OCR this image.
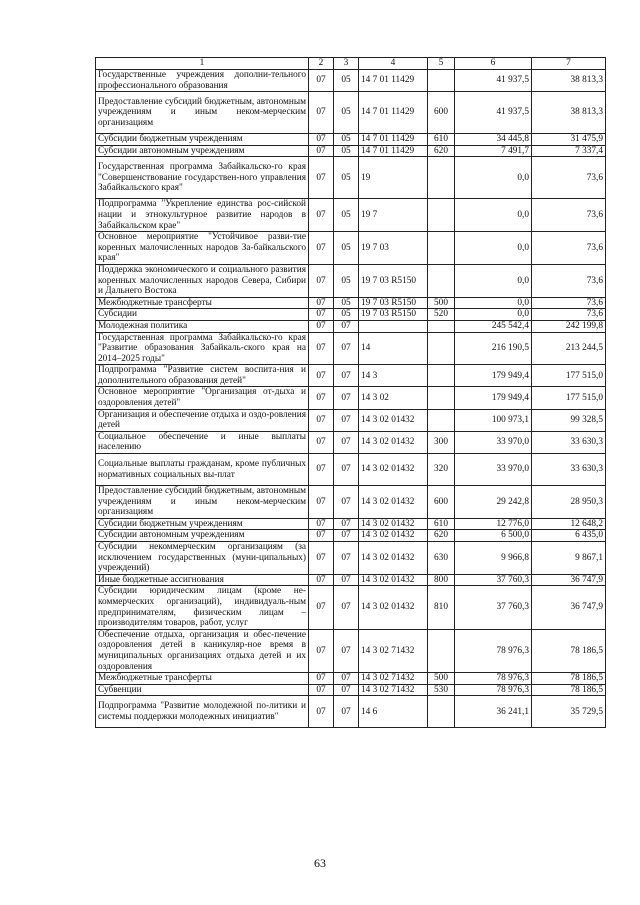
1	2	3	4	5	6	7
Государственные учреждения дополни-тельного профессионального образования	07	05	14 7 01 11429		41 937,5	38 813,3
Предоставление субсидий бюджетным, автономным учреждениям и иным неком-мерческим организациям	07	05	14 7 01 11429	600	41 937,5	38 813,3
Субсидии бюджетным учреждениям	07	05	14 7 01 11429	610	34 445,8	31 475,9
Субсидии автономным учреждениям	07	05	14 7 01 11429	620	7 491,7	7 337,4
Государственная программа Забайкальско-го края "Совершенствование государствен-ного управления Забайкальского края"	07	05	19		0,0	73,6
Подпрограмма "Укрепление единства рос-сийской нации и этнокультурное развитие народов в Забайкальском крае"	07	05	19 7		0,0	73,6
Основное мероприятие "Устойчивое разви-тие коренных малочисленных народов За-байкальского края"	07	05	19 7 03		0,0	73,6
Поддержка экономического и социального развития коренных малочисленных народов Севера, Сибири и Дальнего Востока	07	05	19 7 03 R5150		0,0	73,6
Межбюджетные трансферты	07	05	19 7 03 R5150	500	0,0	73,6
Субсидии	07	05	19 7 03 R5150	520	0,0	73,6
Молодежная политика	07	07			245 542,4	242 199,8
Государственная программа Забайкальско-го края "Развитие образования Забайкаль-ского края на 2014–2025 годы"	07	07	14		216 190,5	213 244,5
Подпрограмма "Развитие систем воспита-ния и дополнительного образования детей"	07	07	14 3		179 949,4	177 515,0
Основное мероприятие "Организация от-дыха и оздоровления детей"	07	07	14 3 02		179 949,4	177 515,0
Организация и обеспечение отдыха и оздо-ровления детей	07	07	14 3 02 01432		100 973,1	99 328,5
Социальное обеспечение и иные выплаты населению	07	07	14 3 02 01432	300	33 970,0	33 630,3
Социальные выплаты гражданам, кроме публичных нормативных социальных вы-плат	07	07	14 3 02 01432	320	33 970,0	33 630,3
Предоставление субсидий бюджетным, автономным учреждениям и иным неком-мерческим организациям	07	07	14 3 02 01432	600	29 242,8	28 950,3
Субсидии бюджетным учреждениям	07	07	14 3 02 01432	610	12 776,0	12 648,2
Субсидии автономным учреждениям	07	07	14 3 02 01432	620	6 500,0	6 435,0
Субсидии некоммерческим организациям (за исключением государственных (муни-ципальных) учреждений)	07	07	14 3 02 01432	630	9 966,8	9 867,1
Иные бюджетные ассигнования	07	07	14 3 02 01432	800	37 760,3	36 747,9
Субсидии юридическим лицам (кроме не-коммерческих организаций), индивидуаль-ным предпринимателям, физическим лицам – производителям товаров, работ, услуг	07	07	14 3 02 01432	810	37 760,3	36 747,9
Обеспечение отдыха, организация и обес-печение оздоровления детей в каникуляр-ное время в муниципальных организациях отдыха детей и их оздоровления	07	07	14 3 02 71432		78 976,3	78 186,5
Межбюджетные трансферты	07	07	14 3 02 71432	500	78 976,3	78 186,5
Субвенции	07	07	14 3 02 71432	530	78 976,3	78 186,5
Подпрограмма "Развитие молодежной по-литики и системы поддержки молодежных инициатив"	07	07	14 6		36 241,1	35 729,5
63
